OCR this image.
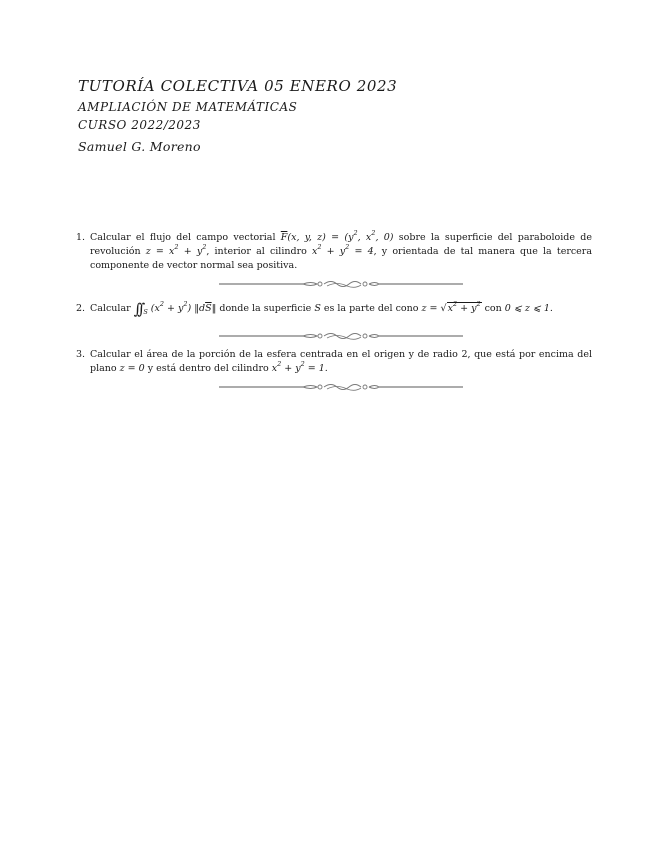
TUTORÍA COLECTIVA 05 ENERO 2023
AMPLIACIÓN DE MATEMÁTICAS
CURSO 2022/2023
Samuel G. Moreno
1. Calcular el flujo del campo vectorial $\overline{F}(x$, y, $z) = (y^2$, $x^2$, 0) sobre la superficie del paraboloide de revolución $z = x^2 + y^2$, interior al cilindro $x^2 + y^2 = 4$, y orientada de tal manera que la tercera componente de vector normal sea positiva.
2. Calcular ∫∫ $_S$ $(x^2 + y^2)$ $‖d\overline{S}‖$ donde la superficie S es la parte del cono $z = √x^2 + y^2$ con 0 ⩽ z ⩽ 1.
3. Calcular el área de la porción de la esfera centrada en el origen y de radio 2, que está por encima del plano z = 0 y está dentro del cilindro $x^2 + y^2 = 1$.
